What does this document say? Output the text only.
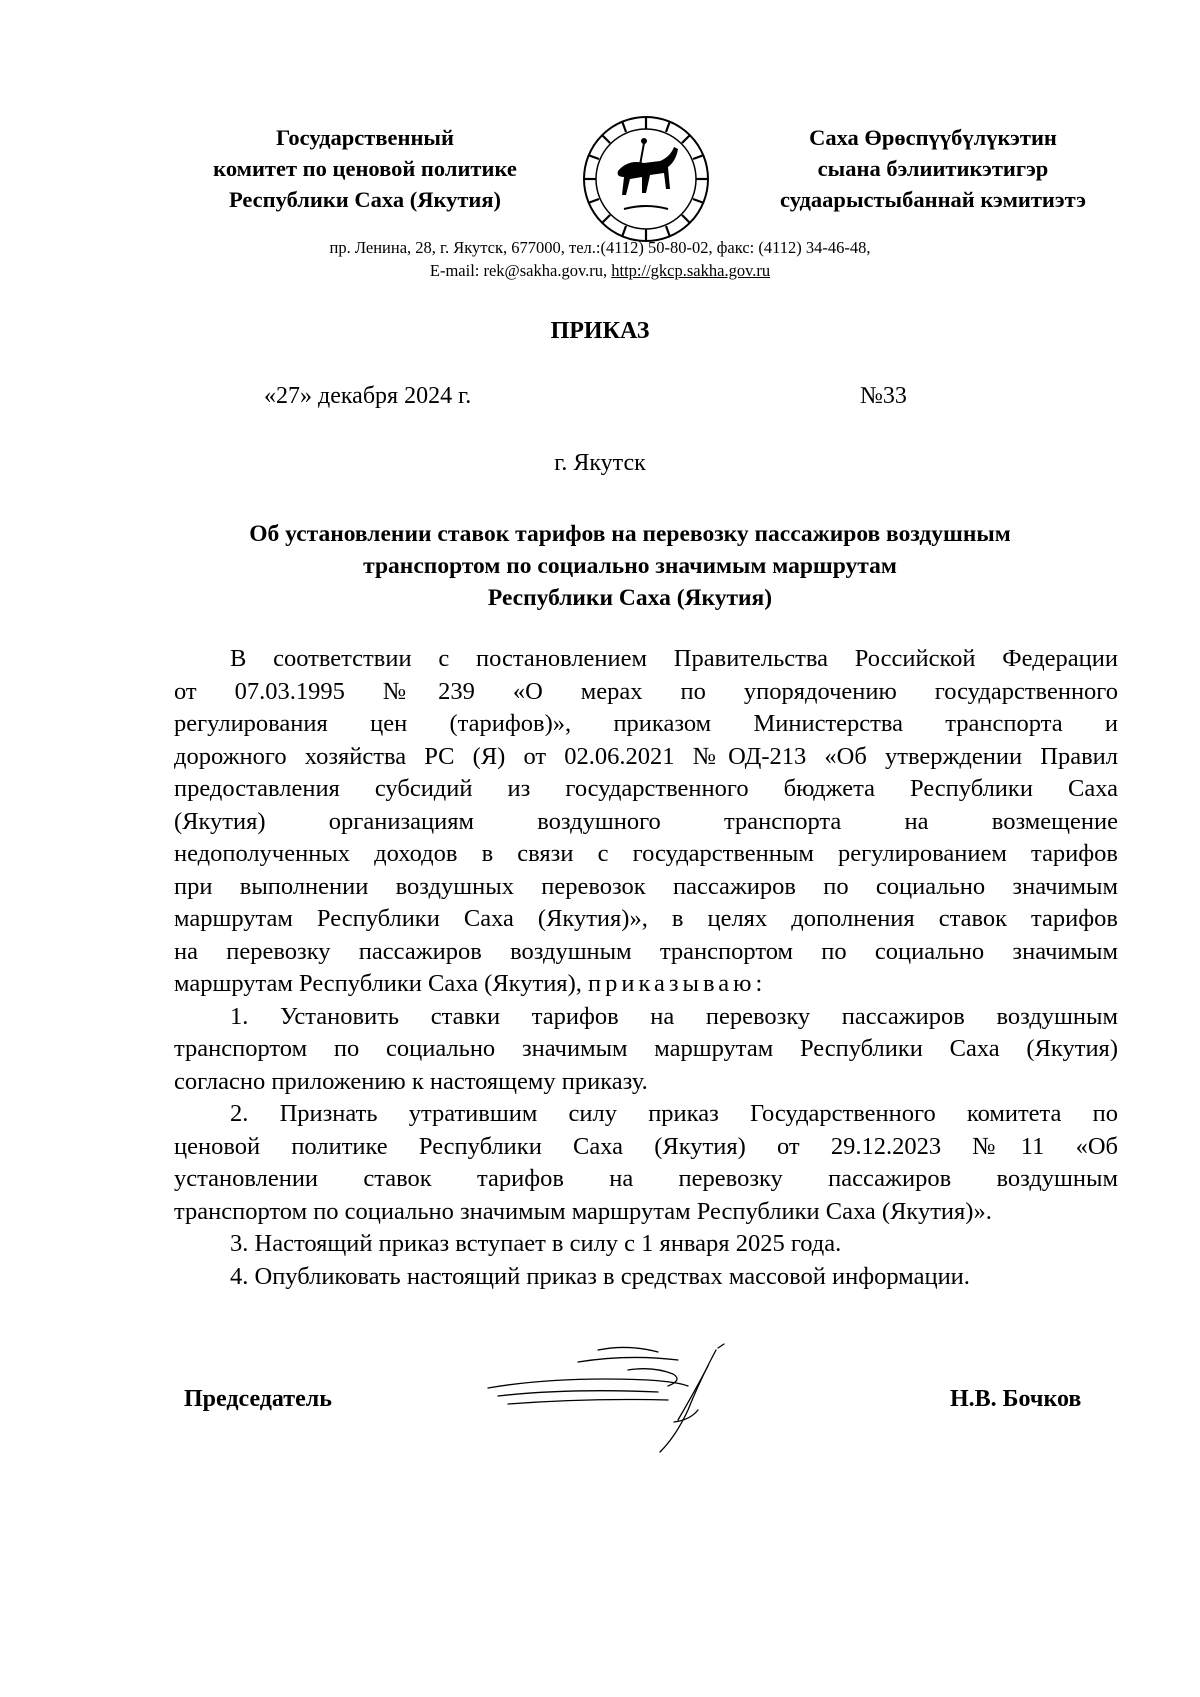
Государственный
комитет по ценовой политике
Республики Саха (Якутия)
Саха Өрөспүүбүлүкэтин
сыана бэлиитикэтигэр
судаарыстыбаннай кэмитиэтэ
пр. Ленина, 28, г. Якутск, 677000, тел.:(4112) 50-80-02, факс: (4112) 34-46-48,
E-mail: rek@sakha.gov.ru, http://gkcp.sakha.gov.ru
ПРИКАЗ
«27» декабря 2024 г.	№33
г. Якутск
Об установлении ставок тарифов на перевозку пассажиров воздушным
транспортом по социально значимым маршрутам
Республики Саха (Якутия)
В соответствии с постановлением Правительства Российской Федерации
от 07.03.1995 №239 «О мерах по упорядочению государственного
регулирования цен (тарифов)», приказом Министерства транспорта и
дорожного хозяйства РС (Я) от 02.06.2021 №ОД-213 «Об утверждении Правил
предоставления субсидий из государственного бюджета Республики Саха
(Якутия) организациям воздушного транспорта на возмещение
недополученных доходов в связи с государственным регулированием тарифов
при выполнении воздушных перевозок пассажиров по социально значимым
маршрутам Республики Саха (Якутия)», в целях дополнения ставок тарифов
на перевозку пассажиров воздушным транспортом по социально значимым
маршрутам Республики Саха (Якутия), приказываю:
1. Установить ставки тарифов на перевозку пассажиров воздушным
транспортом по социально значимым маршрутам Республики Саха (Якутия)
согласно приложению к настоящему приказу.
2. Признать утратившим силу приказ Государственного комитета по
ценовой политике Республики Саха (Якутия) от 29.12.2023 №11 «Об
установлении ставок тарифов на перевозку пассажиров воздушным
транспортом по социально значимым маршрутам Республики Саха (Якутия)».
3. Настоящий приказ вступает в силу с 1 января 2025 года.
4. Опубликовать настоящий приказ в средствах массовой информации.
Председатель	Н.В. Бочков
